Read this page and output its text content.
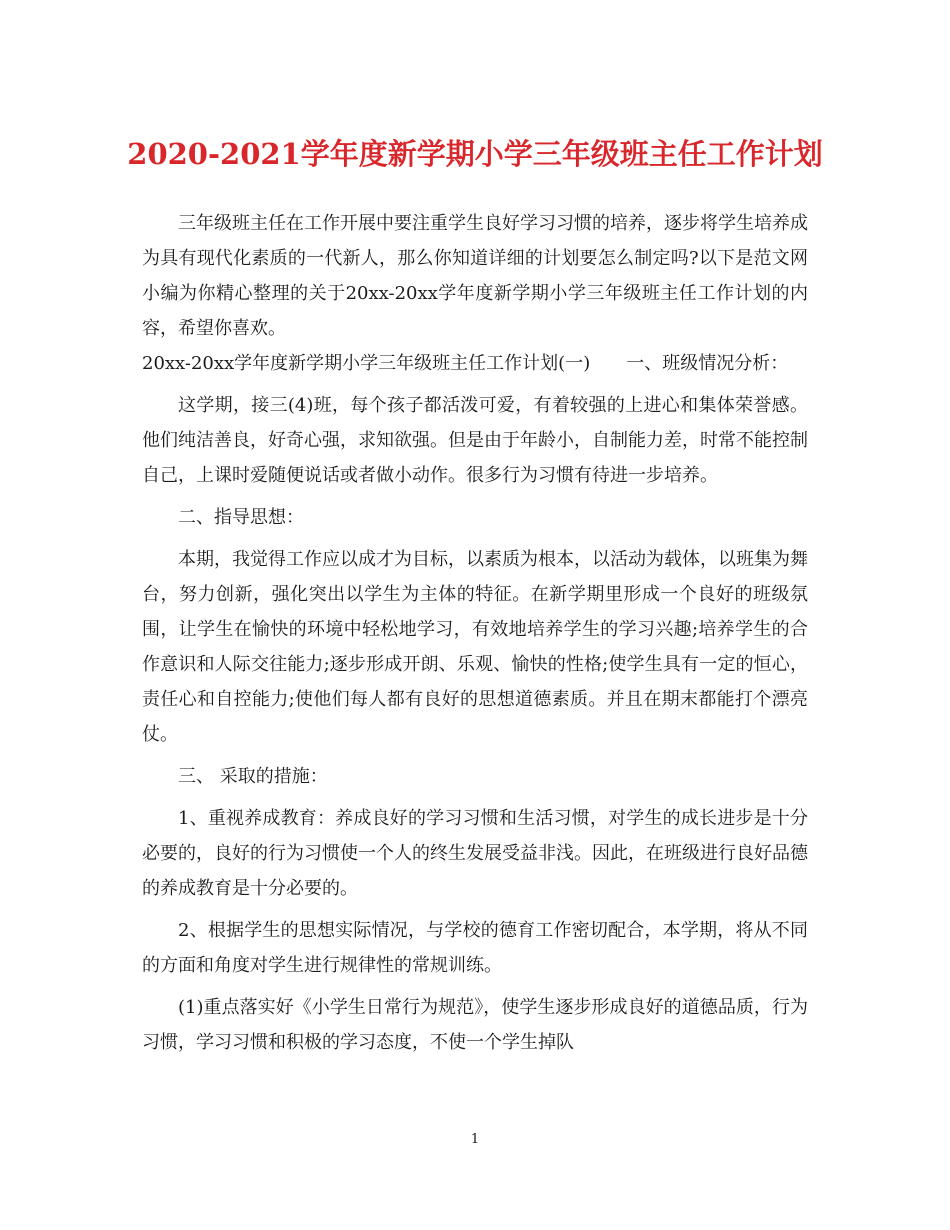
2020-2021学年度新学期小学三年级班主任工作计划

三年级班主任在工作开展中要注重学生良好学习习惯的培养，逐步将学生培养成为具有现代化素质的一代新人，那么你知道详细的计划要怎么制定吗?以下是范文网小编为你精心整理的关于20xx-20xx学年度新学期小学三年级班主任工作计划的内容，希望你喜欢。

20xx-20xx学年度新学期小学三年级班主任工作计划(一)　　一、班级情况分析：

这学期，接三(4)班，每个孩子都活泼可爱，有着较强的上进心和集体荣誉感。他们纯洁善良，好奇心强，求知欲强。但是由于年龄小，自制能力差，时常不能控制自己，上课时爱随便说话或者做小动作。很多行为习惯有待进一步培养。

二、指导思想：

本期，我觉得工作应以成才为目标，以素质为根本，以活动为载体，以班集为舞台，努力创新，强化突出以学生为主体的特征。在新学期里形成一个良好的班级氛围，让学生在愉快的环境中轻松地学习，有效地培养学生的学习兴趣;培养学生的合作意识和人际交往能力;逐步形成开朗、乐观、愉快的性格;使学生具有一定的恒心，责任心和自控能力;使他们每人都有良好的思想道德素质。并且在期末都能打个漂亮仗。

三、 采取的措施：

1、重视养成教育：养成良好的学习习惯和生活习惯，对学生的成长进步是十分必要的，良好的行为习惯使一个人的终生发展受益非浅。因此，在班级进行良好品德的养成教育是十分必要的。

2、根据学生的思想实际情况，与学校的德育工作密切配合，本学期，将从不同的方面和角度对学生进行规律性的常规训练。

(1)重点落实好《小学生日常行为规范》，使学生逐步形成良好的道德品质，行为习惯，学习习惯和积极的学习态度，不使一个学生掉队

1
